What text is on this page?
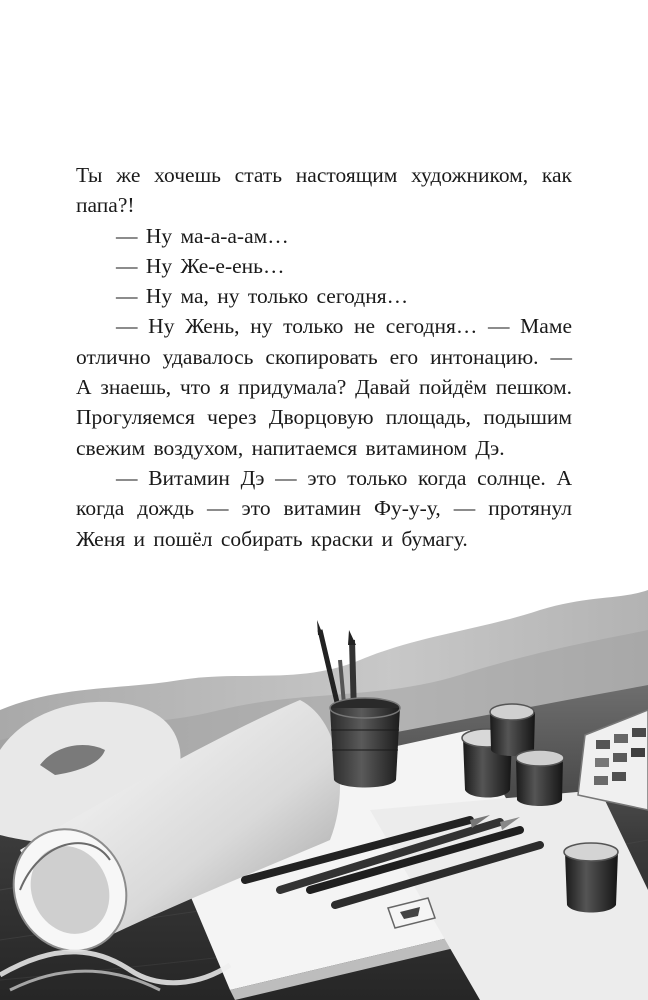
Ты же хочешь стать настоящим художником, как папа?!

— Ну ма-а-а-ам…

— Ну Же-е-ень…

— Ну ма, ну только сегодня…

— Ну Жень, ну только не сегодня… — Маме отлично удавалось скопировать его интонацию. — А знаешь, что я придумала? Давай пойдём пешком. Прогуляемся через Дворцовую площадь, подышим свежим воздухом, напитаемся витамином Дэ.

— Витамин Дэ — это только когда солнце. А когда дождь — это витамин Фу-у-у, — протянул Женя и пошёл собирать краски и бумагу.
